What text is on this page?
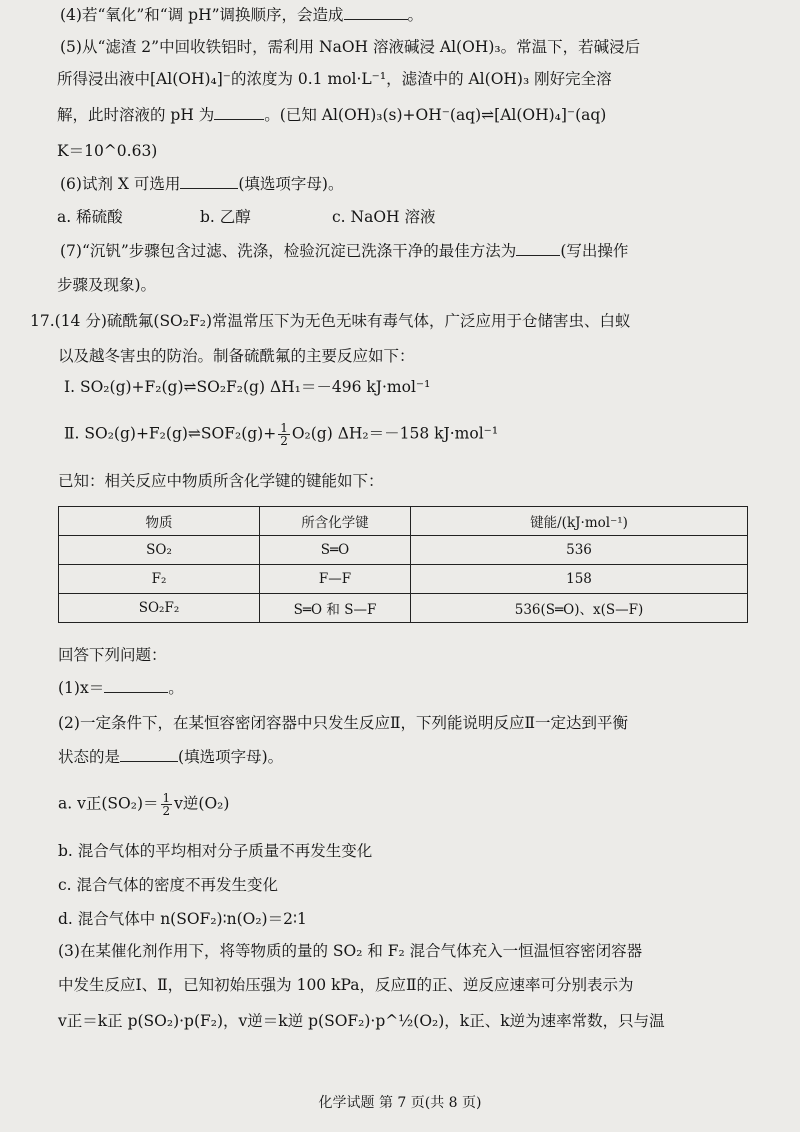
(4)若“氧化”和“调 pH”调换顺序，会造成	。
(5)从“滤渣 2”中回收铁铝时，需利用 NaOH 溶液碱浸 Al(OH)₃。常温下，若碱浸后
所得浸出液中[Al(OH)₄]⁻的浓度为 0.1 mol·L⁻¹，滤渣中的 Al(OH)₃ 刚好完全溶
解，此时溶液的 pH 为	。(已知 Al(OH)₃(s)+OH⁻(aq)⇌[Al(OH)₄]⁻(aq)
K＝10^0.63)
(6)试剂 X 可选用	(填选项字母)。
a. 稀硫酸	b. 乙醇	c. NaOH 溶液
(7)“沉钒”步骤包含过滤、洗涤，检验沉淀已洗涤干净的最佳方法为	(写出操作
步骤及现象)。
17.(14 分)硫酰氟(SO₂F₂)常温常压下为无色无味有毒气体，广泛应用于仓储害虫、白蚁
以及越冬害虫的防治。制备硫酰氟的主要反应如下：
Ⅰ. SO₂(g)+F₂(g)⇌SO₂F₂(g) ΔH₁＝－496 kJ·mol⁻¹
Ⅱ. SO₂(g)+F₂(g)⇌SOF₂(g)+ $\frac{1}{2} O_2(g)$ ΔH₂＝－158 kJ·mol⁻¹
已知：相关反应中物质所含化学键的键能如下：
物质	所含化学键	键能/(kJ·mol⁻¹)
SO₂	S═O	536
F₂	F—F	158
SO₂F₂	S═O 和 S—F	536(S═O)、x(S—F)
回答下列问题：
(1)x＝	。
(2)一定条件下，在某恒容密闭容器中只发生反应Ⅱ，下列能说明反应Ⅱ一定达到平衡
状态的是	(填选项字母)。
a. v正$(SO_2)= \frac{1}{2}$ v逆(O₂)
b. 混合气体的平均相对分子质量不再发生变化
c. 混合气体的密度不再发生变化
d. 混合气体中 n(SOF₂)∶n(O₂)＝2∶1
(3)在某催化剂作用下，将等物质的量的 SO₂ 和 F₂ 混合气体充入一恒温恒容密闭容器
中发生反应Ⅰ、Ⅱ，已知初始压强为 100 kPa，反应Ⅱ的正、逆反应速率可分别表示为
v正＝k正 p(SO₂)·p(F₂)，v逆＝k逆 p(SOF₂)·p^½(O₂)，k正、k逆为速率常数，只与温
化学试题 第 7 页(共 8 页)
